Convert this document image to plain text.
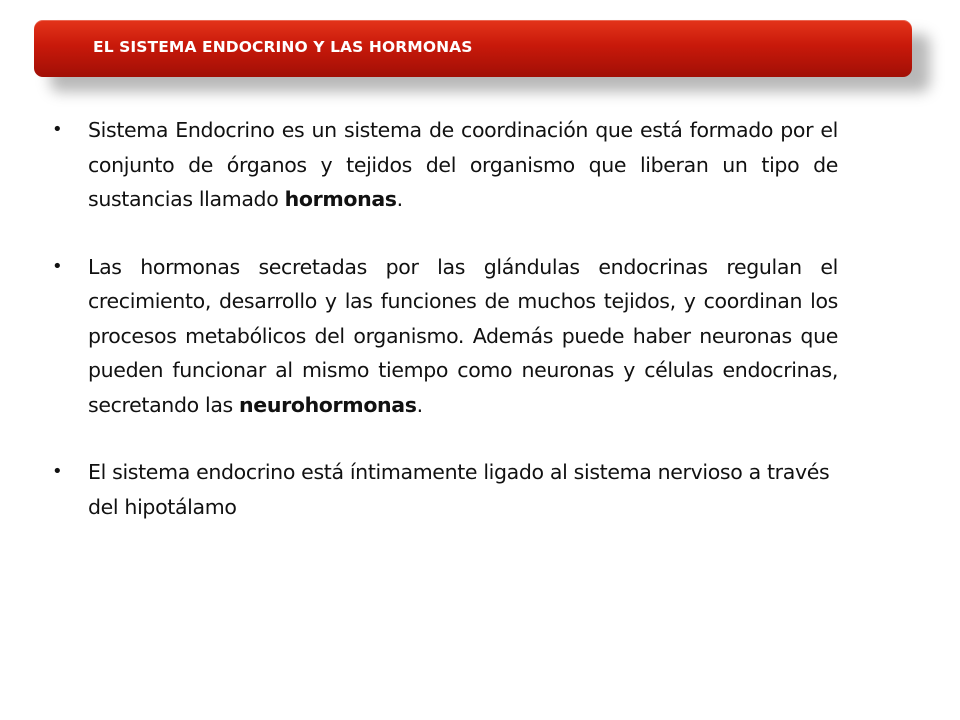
EL SISTEMA ENDOCRINO Y LAS HORMONAS
• Sistema Endocrino es un sistema de coordinación que está formado por el conjunto de órganos y tejidos del organismo que liberan un tipo de sustancias llamado hormonas.
• Las hormonas secretadas por las glándulas endocrinas regulan el crecimiento, desarrollo y las funciones de muchos tejidos, y coordinan los procesos metabólicos del organismo. Además puede haber neuronas que pueden funcionar al mismo tiempo como neuronas y células endocrinas, secretando las neurohormonas.
• El sistema endocrino está íntimamente ligado al sistema nervioso a través del hipotálamo
